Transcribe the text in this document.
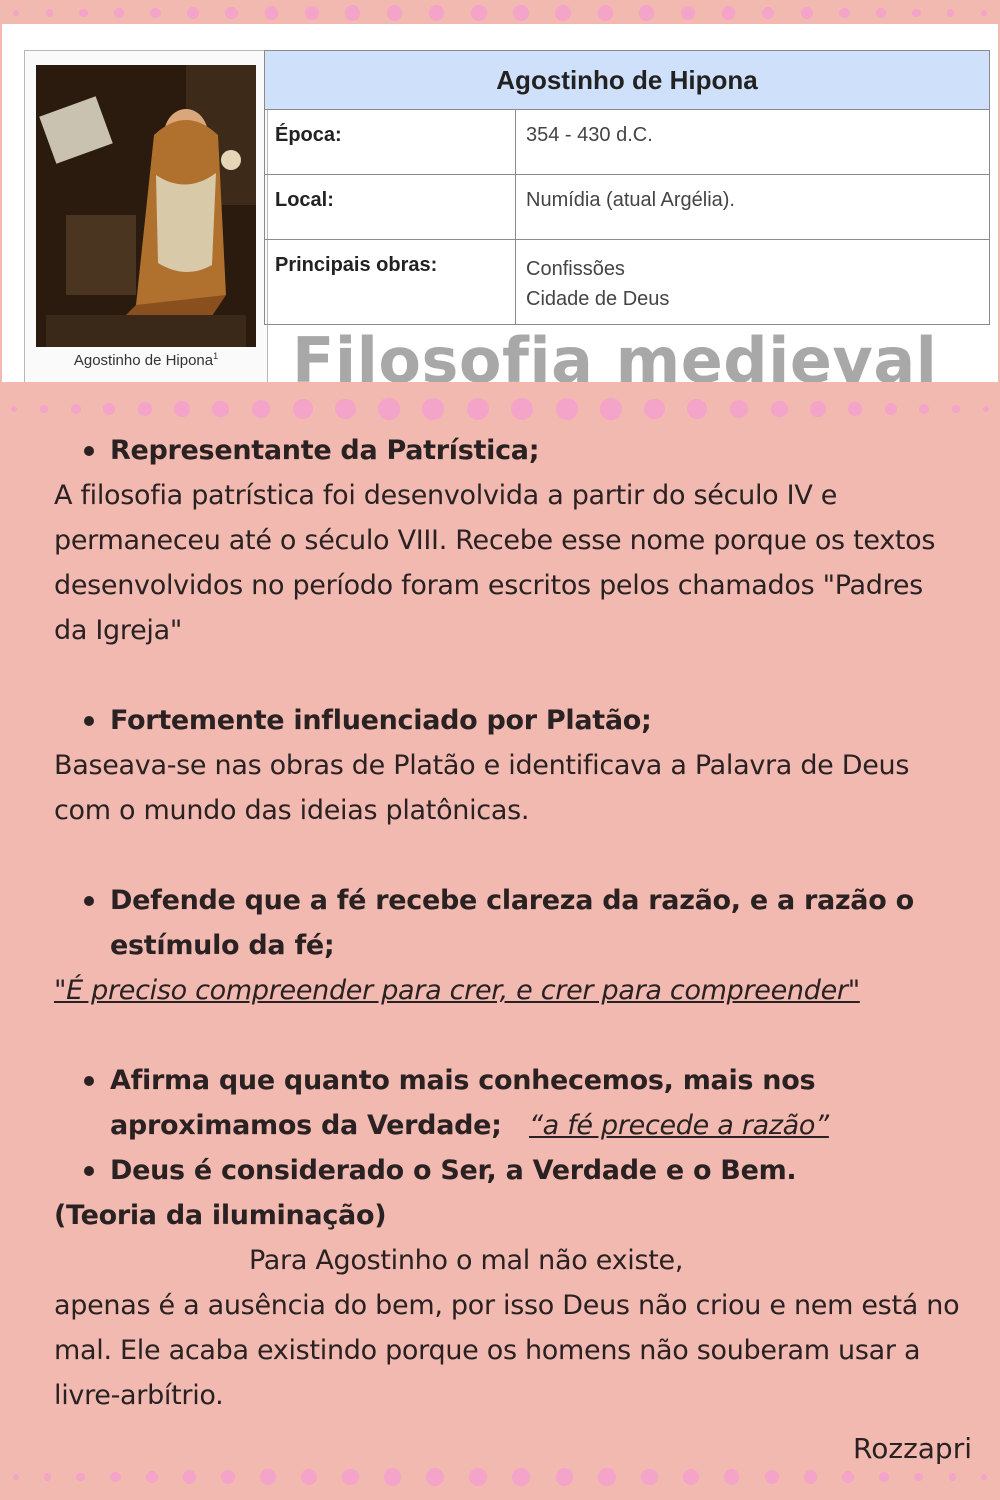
Agostinho de Hipona$^1$
Agostinho de Hipona	
Época:	354 - 430 d.C.
Local:	Numídia (atual Argélia).
Principais obras:	Confissões
Cidade de Deus
Filosofia medieval
Representante da Patrística;

A filosofia patrística foi desenvolvida a partir do século IV e permaneceu até o século VIII. Recebe esse nome porque os textos desenvolvidos no período foram escritos pelos chamados "Padres da Igreja"

Fortemente influenciado por Platão;

Baseava-se nas obras de Platão e identificava a Palavra de Deus com o mundo das ideias platônicas.

Defende que a fé recebe clareza da razão, e a razão o estímulo da fé;

"É preciso compreender para crer, e crer para compreender"

Afirma que quanto mais conhecemos, mais nos aproximamos da Verdade; “a fé precede a razão”
Deus é considerado o Ser, a Verdade e o Bem.

(Teoria da iluminação)

Para Agostinho o mal não existe,

apenas é a ausência do bem, por isso Deus não criou e nem está no mal. Ele acaba existindo porque os homens não souberam usar a livre-arbítrio.

Rozzapri
